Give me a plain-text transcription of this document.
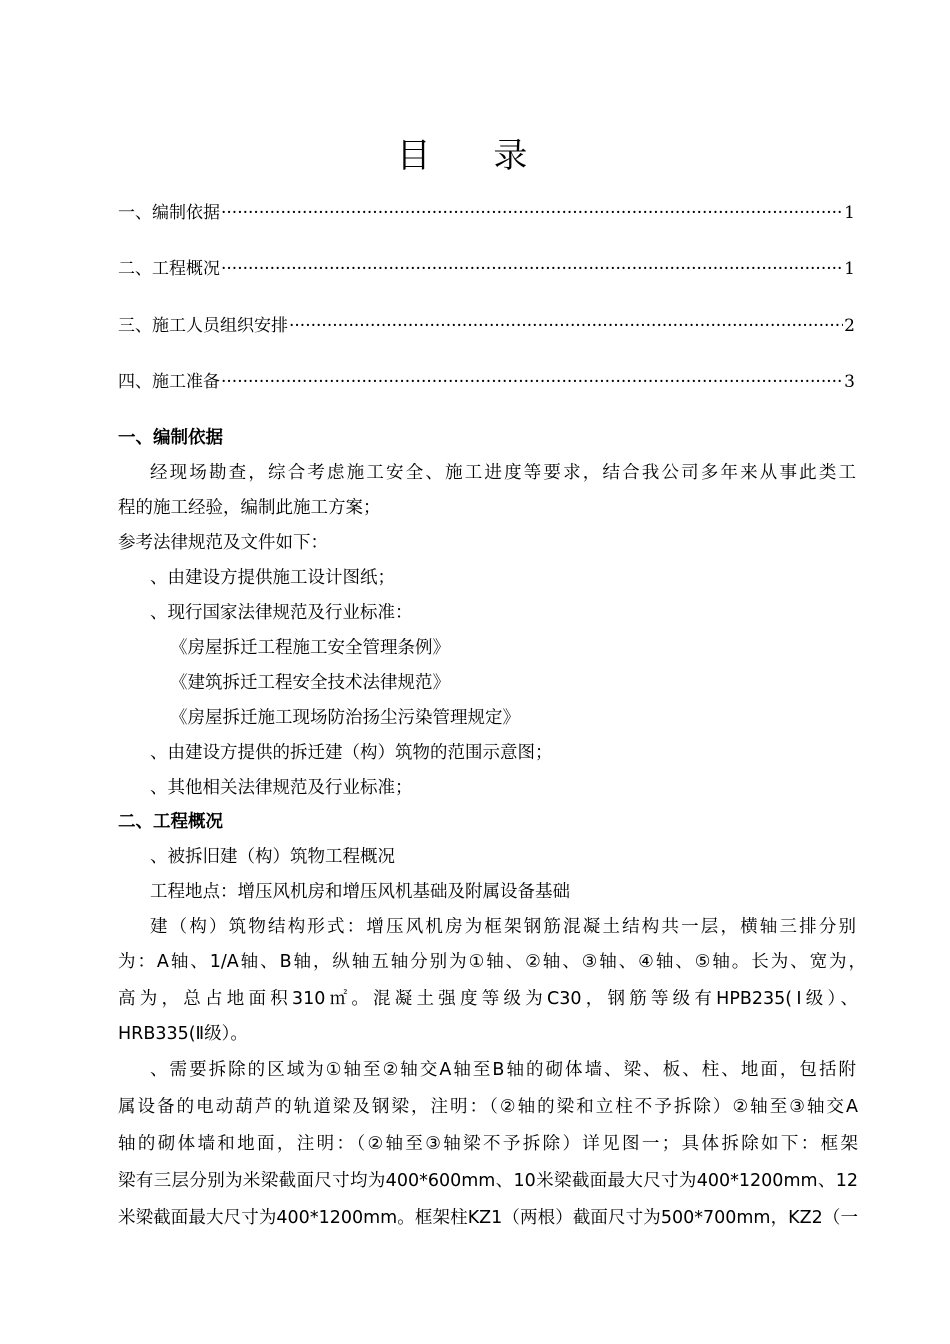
目 录
一、编制依据 ·····	1
二、工程概况 ·····	1
三、施工人员组织安排 ·····	2
四、施工准备 ·····	3
一、编制依据
经现场勘查，综合考虑施工安全、施工进度等要求，结合我公司多年来从事此类工
程的施工经验，编制此施工方案；
参考法律规范及文件如下：
、由建设方提供施工设计图纸；
、现行国家法律规范及行业标准：
《房屋拆迁工程施工安全管理条例》
《建筑拆迁工程安全技术法律规范》
《房屋拆迁施工现场防治扬尘污染管理规定》
、由建设方提供的拆迁建（构）筑物的范围示意图；
、其他相关法律规范及行业标准；
二、工程概况
、被拆旧建（构）筑物工程概况
工程地点：增压风机房和增压风机基础及附属设备基础
建（构）筑物结构形式：增压风机房为框架钢筋混凝土结构共一层，横轴三排分别
为：A轴、1/A轴、B轴，纵轴五轴分别为①轴、②轴、③轴、④轴、⑤轴。长为、宽为，
高为，总占地面积310㎡。混凝土强度等级为C30，钢筋等级有HPB235(Ⅰ级）、
HRB335(Ⅱ级）。
、需要拆除的区域为①轴至②轴交A轴至B轴的砌体墙、梁、板、柱、地面，包括附
属设备的电动葫芦的轨道梁及钢梁，注明：（②轴的梁和立柱不予拆除）②轴至③轴交A
轴的砌体墙和地面，注明：（②轴至③轴梁不予拆除）详见图一；具体拆除如下：框架
梁有三层分别为米梁截面尺寸均为400*600mm、10米梁截面最大尺寸为400*1200mm、12
米梁截面最大尺寸为400*1200mm。框架柱KZ1（两根）截面尺寸为500*700mm，KZ2（一
